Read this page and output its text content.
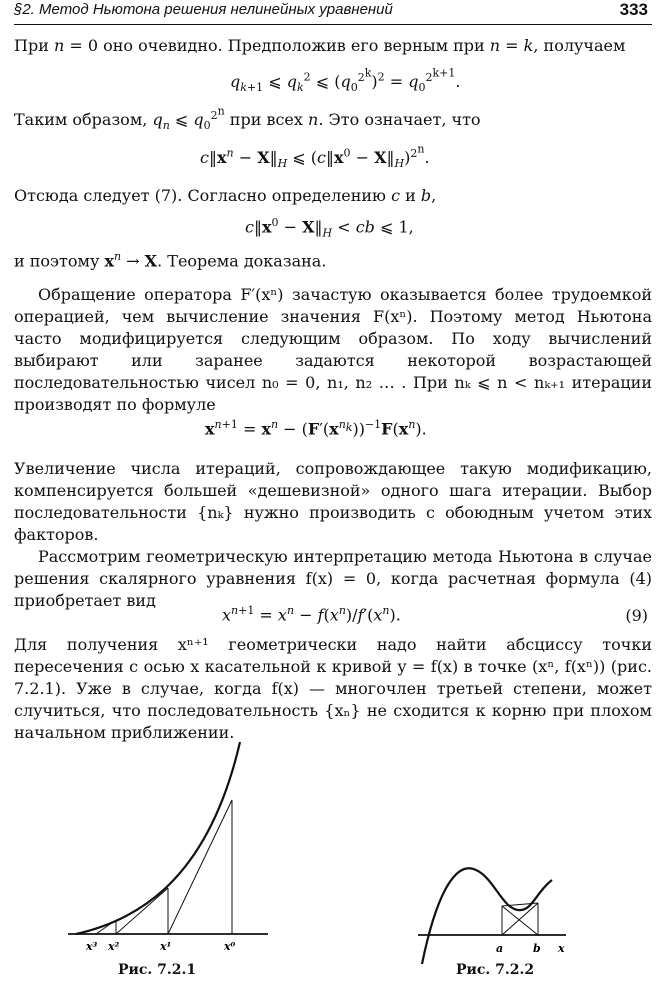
§2. Метод Ньютона решения нелинейных уравнений	333
При n = 0 оно очевидно. Предположив его верным при n = k, получаем
$q_{k+1}$ ⩽ $q_k^2$ ⩽ $(q_0^{2^k})^2 = q_0^{2^{k+1}}$.
Таким образом, $q_n$ ⩽ $q_0^{2^n}$ при всех n. Это означает, что
$c‖x^n$ − $X‖_H$ ⩽ ($c‖x^0$ − $X‖_H)^{2^n}$.
Отсюда следует (7). Согласно определению c и b,
$c‖x^0$ − $X‖_H$ < cb ⩽ 1,
и поэтому $x^n \to X$. Теорема доказана.
Обращение оператора F′(xⁿ) зачастую оказывается более трудоемкой операцией, чем вычисление значения F(xⁿ). Поэтому метод Ньютона часто модифицируется следующим образом. По ходу вычислений выбирают или заранее задаются некоторой возрастающей последовательностью чисел n₀ = 0, n₁, n₂ … . При nₖ ⩽ n < nₖ₊₁ итерации производят по формуле
$x^{n+1} = x^n - (F'(x^{n_k}))^{-1}F(x^n)$.
Увеличение числа итераций, сопровождающее такую модификацию, компенсируется большей «дешевизной» одного шага итерации. Выбор последовательности {nₖ} нужно производить с обоюдным учетом этих факторов.
Рассмотрим геометрическую интерпретацию метода Ньютона в случае решения скалярного уравнения f(x) = 0, когда расчетная формула (4) приобретает вид
$x^{n+1} = x^n - f(x^n)/f'(x^n)$.	(9)
Для получения xⁿ⁺¹ геометрически надо найти абсциссу точки пересечения с осью x касательной к кривой y = f(x) в точке (xⁿ, f(xⁿ)) (рис. 7.2.1). Уже в случае, когда f(x) — многочлен третьей степени, может случиться, что последовательность {xₙ} не сходится к корню при плохом начальном приближении.
x³ x²	x¹	x⁰
Рис. 7.2.1
a	b x
Рис. 7.2.2
